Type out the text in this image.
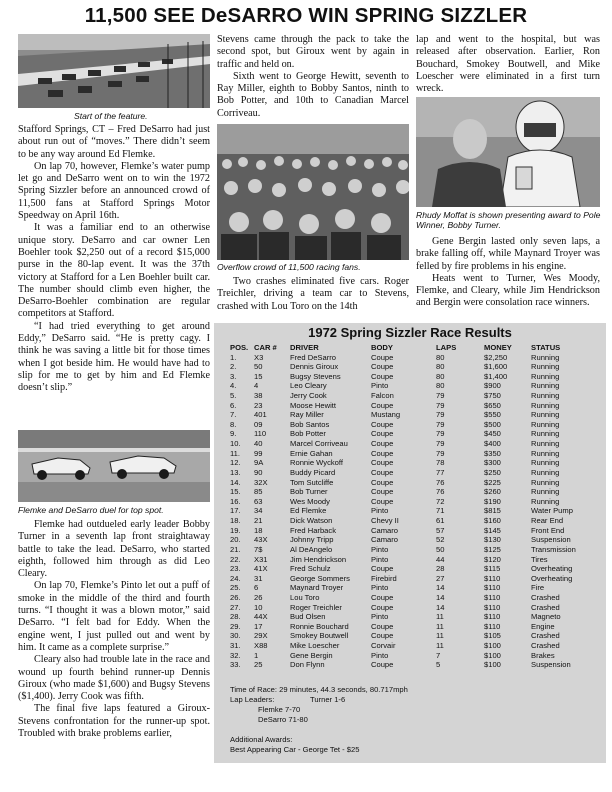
11,500 SEE DeSARRO WIN SPRING SIZZLER
Start of the feature.

Stafford Springs, CT – Fred DeSarro had just about run out of “moves.” There didn’t seem to be any way around Ed Flemke.

On lap 70, however, Flemke’s water pump let go and DeSarro went on to win the 1972 Spring Sizzler before an announced crowd of 11,500 fans at Stafford Springs Motor Speedway on April 16th.

It was a familiar end to an otherwise unique story. DeSarro and car owner Len Boehler took $2,250 out of a record $15,000 purse in the 80-lap event. It was the 37th victory at Stafford for a Len Boehler built car. The number should climb even higher, the DeSarro-Boehler combination are regular competitors at Stafford.

“I had tried everything to get around Eddy,” DeSarro said. “He is pretty cagy. I think he was saving a little bit for those times when I got beside him. He would have had to slip for me to get by him and Ed Flemke doesn’t slip.”

Flemke and DeSarro duel for top spot.

Flemke had outdueled early leader Bobby Turner in a seventh lap front straightaway battle to take the lead. DeSarro, who started eighth, followed him through as did Leo Cleary.

On lap 70, Flemke’s Pinto let out a puff of smoke in the middle of the third and fourth turns. “I thought it was a blown motor,” said DeSarro. “I felt bad for Eddy. When the engine went, I just pulled out and went by him. It came as a complete surprise.”

Cleary also had trouble late in the race and wound up fourth behind runner-up Dennis Giroux (who made $1,600) and Bugsy Stevens ($1,400). Jerry Cook was fifth.

The final five laps featured a Giroux-Stevens confrontation for the runner-up spot. Troubled with brake problems earlier,

Stevens came through the pack to take the second spot, but Giroux went by again in traffic and held on.

Sixth went to George Hewitt, seventh to Ray Miller, eighth to Bobby Santos, ninth to Bob Potter, and 10th to Canadian Marcel Corriveau.

Overflow crowd of 11,500 racing fans.

Two crashes eliminated five cars. Roger Treichler, driving a team car to Stevens, crashed with Lou Toro on the 14th

lap and went to the hospital, but was released after observation. Earlier, Ron Bouchard, Smokey Boutwell, and Mike Loescher were eliminated in a first turn wreck.

Rhudy Moffat is shown presenting award to Pole Winner, Bobby Turner.

Gene Bergin lasted only seven laps, a brake falling off, while Maynard Troyer was felled by fire problems in his engine.

Heats went to Turner, Wes Moody, Flemke, and Cleary, while Jim Hendrickson and Bergin were consolation race winners.

1972 Spring Sizzler Race Results
POS. CAR # DRIVER	BODY	LAPS	MONEY	STATUS
1. X3	Fred DeSarro	Coupe	80	$2,250	Running
2. 50	Dennis Giroux	Coupe	80	$1,600	Running
3. 15	Bugsy Stevens	Coupe	80	$1,400	Running
4. 4	Leo Cleary	Pinto	80	$900	Running
5. 38	Jerry Cook	Falcon	79	$750	Running
6. 23	Moose Hewitt	Coupe	79	$650	Running
7. 401	Ray Miller	Mustang	79	$550	Running
8. 09	Bob Santos	Coupe	79	$500	Running
9. 110	Bob Potter	Coupe	79	$450	Running
10. 40	Marcel Corriveau	Coupe	79	$400	Running
11. 99	Ernie Gahan	Coupe	79	$350	Running
12. 9A	Ronnie Wyckoff	Coupe	78	$300	Running
13. 90	Buddy Picard	Coupe	77	$250	Running
14. 32X	Tom Sutcliffe	Coupe	76	$225	Running
15. 85	Bob Turner	Coupe	76	$260	Running
16. 63	Wes Moody	Coupe	72	$190	Running
17. 34	Ed Flemke	Pinto	71	$815	Water Pump
18. 21	Dick Watson	Chevy II	61	$160	Rear End
19. 18	Fred Harback	Camaro	57	$145	Front End
20. 43X	Johnny Tripp	Camaro	52	$130	Suspension
21. 7$	Al DeAngelo	Pinto	50	$125	Transmission
22. X31	Jim Hendrickson	Pinto	44	$120	Tires
23. 41X	Fred Schulz	Coupe	28	$115	Overheating
24. 31	George Sommers	Firebird	27	$110	Overheating
25. 6	Maynard Troyer	Pinto	14	$110	Fire
26. 26	Lou Toro	Coupe	14	$110	Crashed
27. 10	Roger Treichler	Coupe	14	$110	Crashed
28. 44X	Bud Olsen	Pinto	11	$110	Magneto
29. 17	Ronnie Bouchard	Coupe	11	$110	Engine
30. 29X	Smokey Boutwell	Coupe	11	$105	Crashed
31. X88	Mike Loescher	Corvair	11	$100	Crashed
32. 1	Gene Bergin	Pinto	7	$100	Brakes
33. 25	Don Flynn	Coupe	5	$100	Suspension
Time of Race: 29 minutes, 44.3 seconds, 80.717mph
Lap Leaders:	Turner 1-6
Flemke 7-70
DeSarro 71-80
Additional Awards:
Best Appearing Car - George Tet - $25
